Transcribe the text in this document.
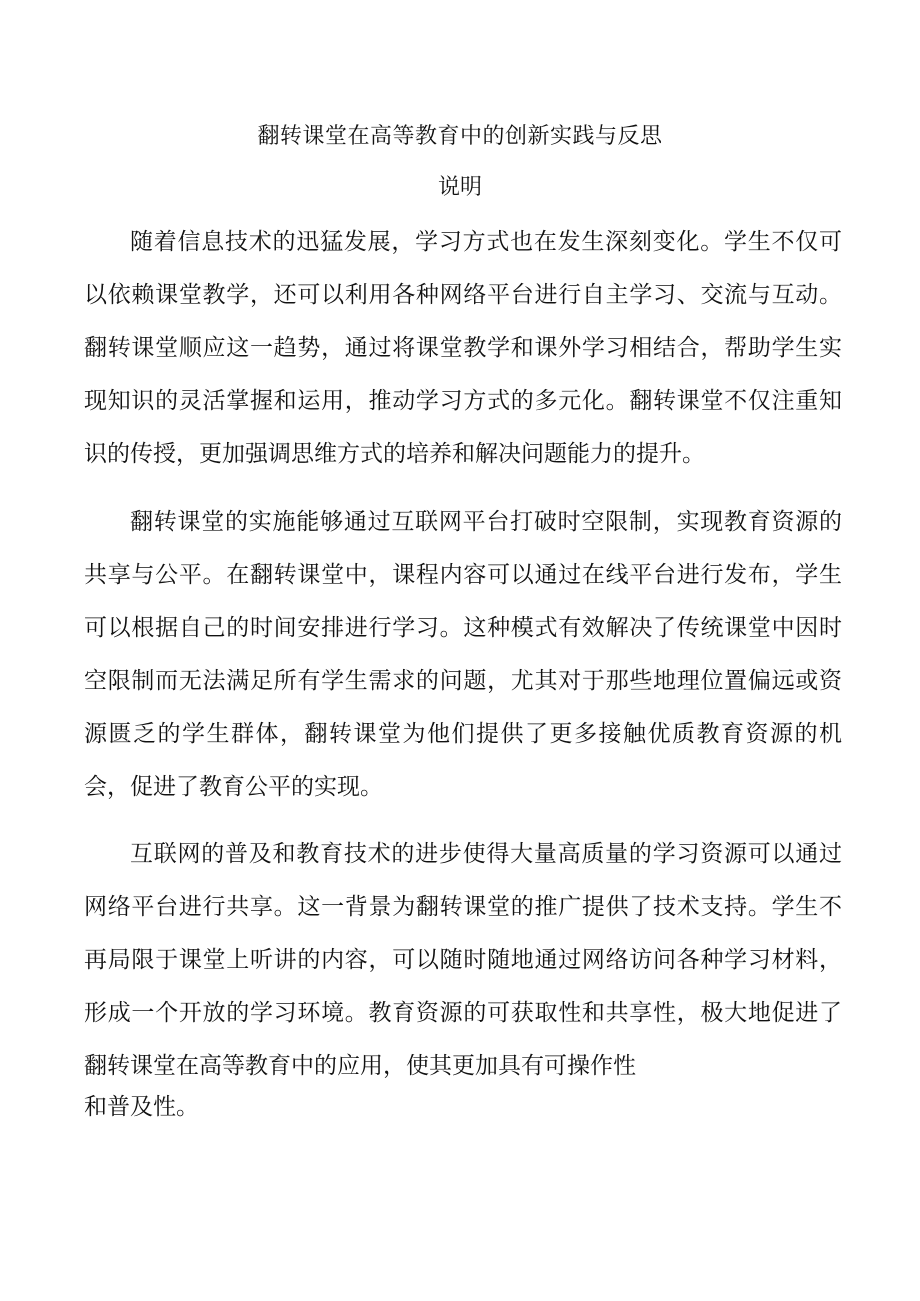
翻转课堂在高等教育中的创新实践与反思
说明

随着信息技术的迅猛发展，学习方式也在发生深刻变化。学生不仅可以依赖课堂教学，还可以利用各种网络平台进行自主学习、交流与互动。翻转课堂顺应这一趋势，通过将课堂教学和课外学习相结合，帮助学生实现知识的灵活掌握和运用，推动学习方式的多元化。翻转课堂不仅注重知识的传授，更加强调思维方式的培养和解决问题能力的提升。

翻转课堂的实施能够通过互联网平台打破时空限制，实现教育资源的共享与公平。在翻转课堂中，课程内容可以通过在线平台进行发布，学生可以根据自己的时间安排进行学习。这种模式有效解决了传统课堂中因时空限制而无法满足所有学生需求的问题，尤其对于那些地理位置偏远或资源匮乏的学生群体，翻转课堂为他们提供了更多接触优质教育资源的机会，促进了教育公平的实现。

互联网的普及和教育技术的进步使得大量高质量的学习资源可以通过网络平台进行共享。这一背景为翻转课堂的推广提供了技术支持。学生不再局限于课堂上听讲的内容，可以随时随地通过网络访问各种学习材料，形成一个开放的学习环境。教育资源的可获取性和共享性，极大地促进了翻转课堂在高等教育中的应用，使其更加具有可操作性

和普及性。
